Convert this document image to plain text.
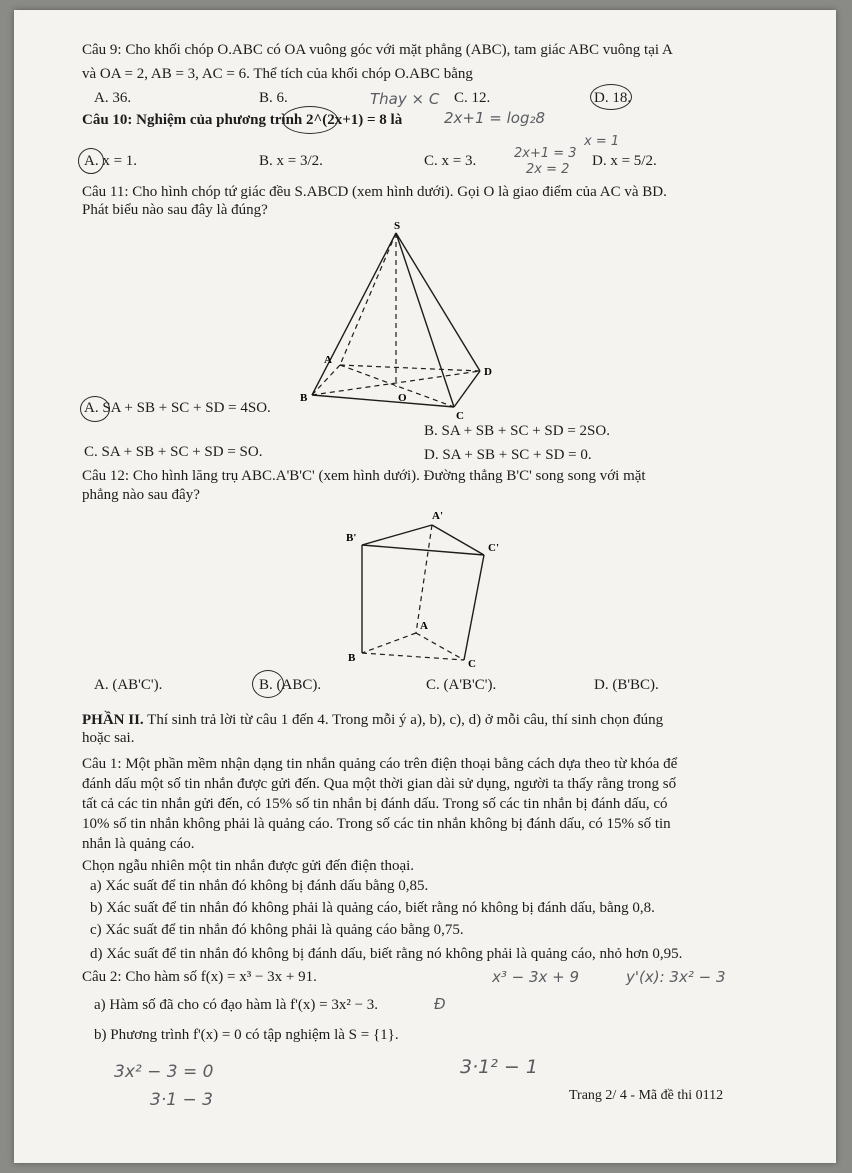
Câu 9: Cho khối chóp O.ABC có OA vuông góc với mặt phẳng (ABC), tam giác ABC vuông tại A
và OA = 2, AB = 3, AC = 6. Thể tích của khối chóp O.ABC bằng
A. 36.	B. 6.	Thay × C C. 12.	D. 18.
Câu 10: Nghiệm của phương trình 2^(2x+1) = 8 là	2x+1 = log₂8
A. x = 1.	B. x = 3/2.	C. x = 3.	2x+1 = 3
2x = 2
x = 1
D. x = 5/2.
Câu 11: Cho hình chóp tứ giác đều S.ABCD (xem hình dưới). Gọi O là giao điểm của AC và BD.
Phát biểu nào sau đây là đúng?
S
A
B
C
D
O
A. SA + SB + SC + SD = 4SO.
B. SA + SB + SC + SD = 2SO.
C. SA + SB + SC + SD = SO.	D. SA + SB + SC + SD = 0.
Câu 12: Cho hình lăng trụ ABC.A'B'C' (xem hình dưới). Đường thẳng B'C' song song với mặt
phẳng nào sau đây?
A'
B'
C'
A
B	C
A. (AB'C').	B. (ABC).	C. (A'B'C').	D. (B'BC).
PHẦN II. Thí sinh trả lời từ câu 1 đến 4. Trong mỗi ý a), b), c), d) ở mỗi câu, thí sinh chọn đúng
hoặc sai.
Câu 1: Một phần mềm nhận dạng tin nhắn quảng cáo trên điện thoại bằng cách dựa theo từ khóa để
đánh dấu một số tin nhắn được gửi đến. Qua một thời gian dài sử dụng, người ta thấy rằng trong số
tất cả các tin nhắn gửi đến, có 15% số tin nhắn bị đánh dấu. Trong số các tin nhắn bị đánh dấu, có
10% số tin nhắn không phải là quảng cáo. Trong số các tin nhắn không bị đánh dấu, có 15% số tin
nhắn là quảng cáo.
Chọn ngẫu nhiên một tin nhắn được gửi đến điện thoại.
a) Xác suất để tin nhắn đó không bị đánh dấu bằng 0,85.
b) Xác suất để tin nhắn đó không phải là quảng cáo, biết rằng nó không bị đánh dấu, bằng 0,8.
c) Xác suất để tin nhắn đó không phải là quảng cáo bằng 0,75.
d) Xác suất để tin nhắn đó không bị đánh dấu, biết rằng nó không phải là quảng cáo, nhỏ hơn 0,95.
Câu 2: Cho hàm số f(x) = x³ − 3x + 91.	x³ − 3x + 9	y'(x): 3x² − 3
a) Hàm số đã cho có đạo hàm là f'(x) = 3x² − 3.	Đ
b) Phương trình f'(x) = 0 có tập nghiệm là S = {1}.
3x² − 3 = 0
3·1 − 3
3·1² − 1
Trang 2/ 4 - Mã đề thi 0112
